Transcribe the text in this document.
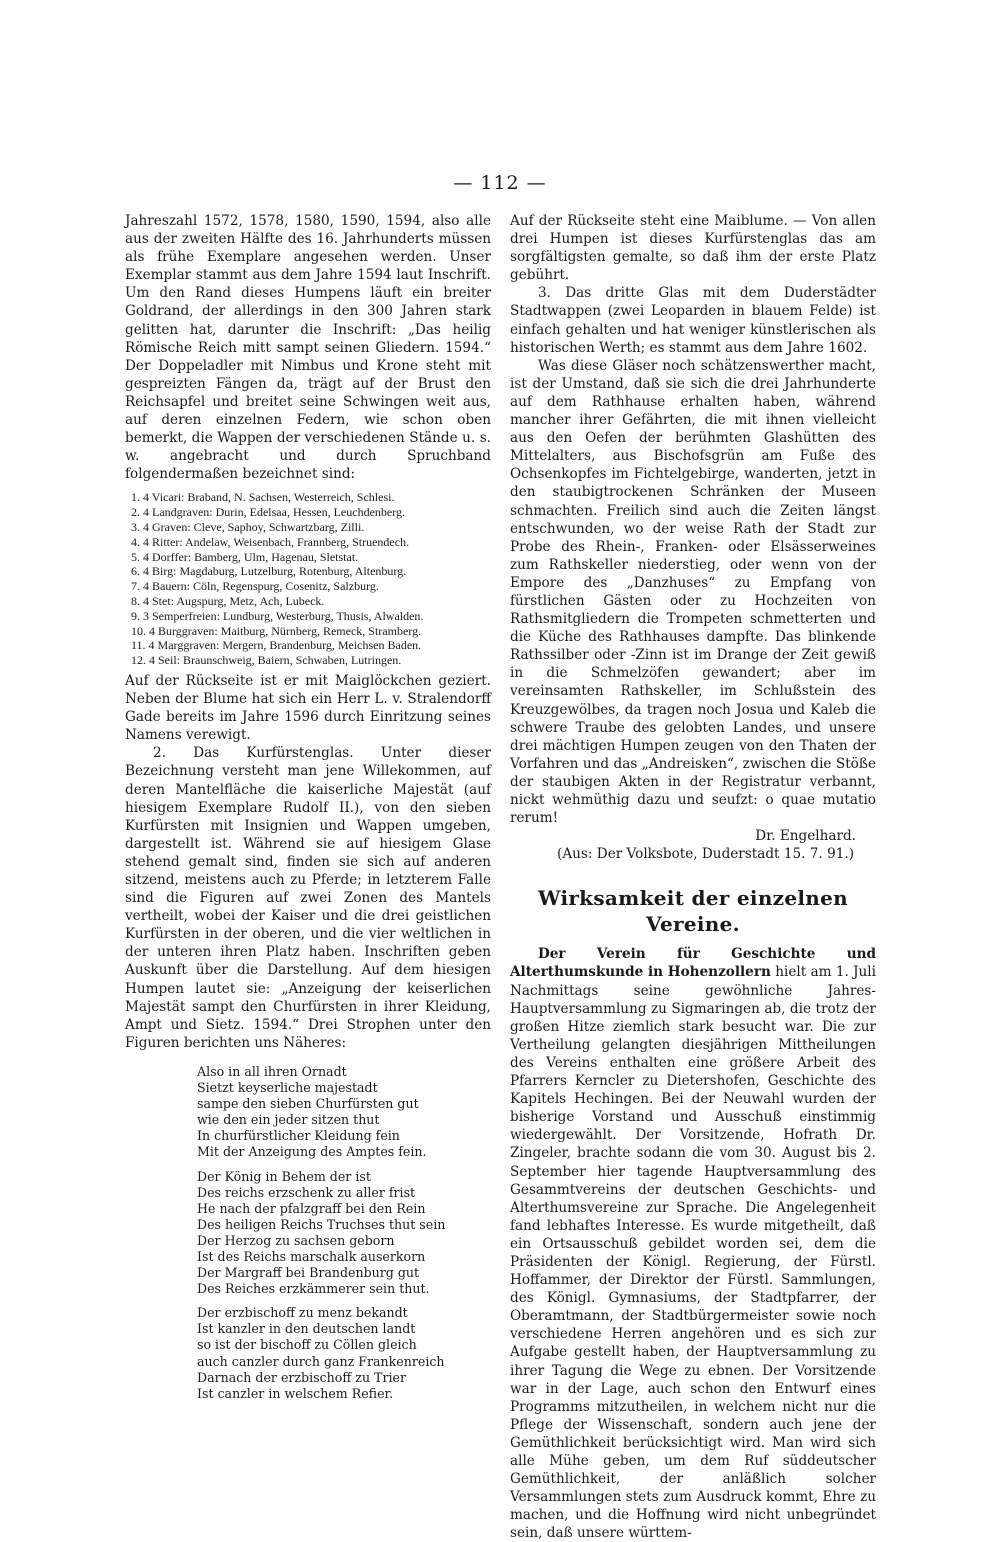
— 112 —

Jahreszahl 1572, 1578, 1580, 1590, 1594, also alle aus der zweiten Hälfte des 16. Jahrhunderts müssen als frühe Exemplare angesehen werden. Unser Exemplar stammt aus dem Jahre 1594 laut Inschrift. Um den Rand dieses Humpens läuft ein breiter Goldrand, der allerdings in den 300 Jahren stark gelitten hat, darunter die Inschrift: „Das heilig Römische Reich mitt sampt seinen Gliedern. 1594.“ Der Doppeladler mit Nimbus und Krone steht mit gespreizten Fängen da, trägt auf der Brust den Reichsapfel und breitet seine Schwingen weit aus, auf deren einzelnen Federn, wie schon oben bemerkt, die Wappen der verschiedenen Stände u. s. w. angebracht und durch Spruchband folgendermaßen bezeichnet sind:

1. 4 Vicari: Braband, N. Sachsen, Westerreich, Schlesi.
2. 4 Landgraven: Durin, Edelsaa, Hessen, Leuchdenberg.
3. 4 Graven: Cleve, Saphoy, Schwartzbarg, Zilli.
4. 4 Ritter: Andelaw, Weisenbach, Frannberg, Struendech.
5. 4 Dorffer: Bamberg, Ulm, Hagenau, Sletstat.
6. 4 Birg: Magdaburg, Lutzelburg, Rotenburg, Altenburg.
7. 4 Bauern: Cöln, Regenspurg, Cosenitz, Salzburg.
8. 4 Stet: Augspurg, Metz, Ach, Lubeck.
9. 3 Semperfreien: Lundburg, Westerburg, Thusis, Alwalden.
10. 4 Burggraven: Maitburg, Nürnberg, Remeck, Stramberg.
11. 4 Marggraven: Mergern, Brandenburg, Meichsen Baden.
12. 4 Seil: Braunschweig, Baiern, Schwaben, Lutringen.

Auf der Rückseite ist er mit Maiglöckchen geziert. Neben der Blume hat sich ein Herr L. v. Stralendorff Gade bereits im Jahre 1596 durch Einritzung seines Namens verewigt.

2. Das Kurfürstenglas. Unter dieser Bezeichnung versteht man jene Willekommen, auf deren Mantelfläche die kaiserliche Majestät (auf hiesigem Exemplare Rudolf II.), von den sieben Kurfürsten mit Insignien und Wappen umgeben, dargestellt ist. Während sie auf hiesigem Glase stehend gemalt sind, finden sie sich auf anderen sitzend, meistens auch zu Pferde; in letzterem Falle sind die Figuren auf zwei Zonen des Mantels vertheilt, wobei der Kaiser und die drei geistlichen Kurfürsten in der oberen, und die vier weltlichen in der unteren ihren Platz haben. Inschriften geben Auskunft über die Darstellung. Auf dem hiesigen Humpen lautet sie: „Anzeigung der keiserlichen Majestät sampt den Churfürsten in ihrer Kleidung, Ampt und Sietz. 1594.“ Drei Strophen unter den Figuren berichten uns Näheres:

Also in all ihren Ornadt
Sietzt keyserliche majestadt
sampe den sieben Churfürsten gut
wie den ein jeder sitzen thut
In churfürstlicher Kleidung fein
Mit der Anzeigung des Amptes fein.
Der König in Behem der ist
Des reichs erzschenk zu aller frist
He nach der pfalzgraff bei den Rein
Des heiligen Reichs Truchses thut sein
Der Herzog zu sachsen geborn
Ist des Reichs marschalk auserkorn
Der Margraff bei Brandenburg gut
Des Reiches erzkämmerer sein thut.
Der erzbischoff zu menz bekandt
Ist kanzler in den deutschen landt
so ist der bischoff zu Cöllen gleich
auch canzler durch ganz Frankenreich
Darnach der erzbischoff zu Trier
Ist canzler in welschem Refier.

Auf der Rückseite steht eine Maiblume. — Von allen drei Humpen ist dieses Kurfürstenglas das am sorgfältigsten gemalte, so daß ihm der erste Platz gebührt.

3. Das dritte Glas mit dem Duderstädter Stadtwappen (zwei Leoparden in blauem Felde) ist einfach gehalten und hat weniger künstlerischen als historischen Werth; es stammt aus dem Jahre 1602.

Was diese Gläser noch schätzenswerther macht, ist der Umstand, daß sie sich die drei Jahrhunderte auf dem Rathhause erhalten haben, während mancher ihrer Gefährten, die mit ihnen vielleicht aus den Oefen der berühmten Glashütten des Mittelalters, aus Bischofsgrün am Fuße des Ochsenkopfes im Fichtelgebirge, wanderten, jetzt in den staubigtrockenen Schränken der Museen schmachten. Freilich sind auch die Zeiten längst entschwunden, wo der weise Rath der Stadt zur Probe des Rhein-, Franken- oder Elsässerweines zum Rathskeller niederstieg, oder wenn von der Empore des „Danzhuses“ zu Empfang von fürstlichen Gästen oder zu Hochzeiten von Rathsmitgliedern die Trompeten schmetterten und die Küche des Rathhauses dampfte. Das blinkende Rathssilber oder -Zinn ist im Drange der Zeit gewiß in die Schmelzöfen gewandert; aber im vereinsamten Rathskeller, im Schlußstein des Kreuzgewölbes, da tragen noch Josua und Kaleb die schwere Traube des gelobten Landes, und unsere drei mächtigen Humpen zeugen von den Thaten der Vorfahren und das „Andreisken“, zwischen die Stöße der staubigen Akten in der Registratur verbannt, nickt wehmüthig dazu und seufzt: o quae mutatio rerum!

Dr. Engelhard.
(Aus: Der Volksbote, Duderstadt 15. 7. 91.)
Wirksamkeit der einzelnen Vereine.

Der Verein für Geschichte und Alterthumskunde in Hohenzollern hielt am 1. Juli Nachmittags seine gewöhnliche Jahres-Hauptversammlung zu Sigmaringen ab, die trotz der großen Hitze ziemlich stark besucht war. Die zur Vertheilung gelangten diesjährigen Mittheilungen des Vereins enthalten eine größere Arbeit des Pfarrers Kerncler zu Dietershofen, Geschichte des Kapitels Hechingen. Bei der Neuwahl wurden der bisherige Vorstand und Ausschuß einstimmig wiedergewählt. Der Vorsitzende, Hofrath Dr. Zingeler, brachte sodann die vom 30. August bis 2. September hier tagende Hauptversammlung des Gesammtvereins der deutschen Geschichts- und Alterthumsvereine zur Sprache. Die Angelegenheit fand lebhaftes Interesse. Es wurde mitgetheilt, daß ein Ortsausschuß gebildet worden sei, dem die Präsidenten der Königl. Regierung, der Fürstl. Hoffammer, der Direktor der Fürstl. Sammlungen, des Königl. Gymnasiums, der Stadtpfarrer, der Oberamtmann, der Stadtbürgermeister sowie noch verschiedene Herren angehören und es sich zur Aufgabe gestellt haben, der Hauptversammlung zu ihrer Tagung die Wege zu ebnen. Der Vorsitzende war in der Lage, auch schon den Entwurf eines Programms mitzutheilen, in welchem nicht nur die Pflege der Wissenschaft, sondern auch jene der Gemüthlichkeit berücksichtigt wird. Man wird sich alle Mühe geben, um dem Ruf süddeutscher Gemüthlichkeit, der anläßlich solcher Versammlungen stets zum Ausdruck kommt, Ehre zu machen, und die Hoffnung wird nicht unbegründet sein, daß unsere württem-
